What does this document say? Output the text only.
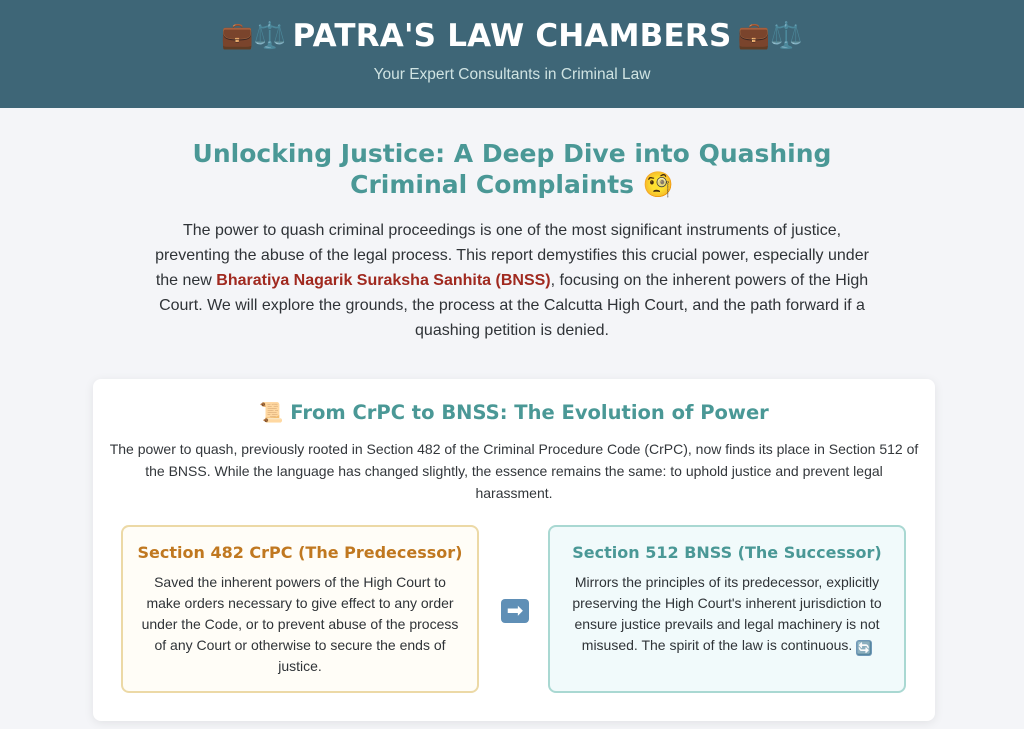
💼⚖️ PATRA'S LAW CHAMBERS 💼⚖️
Your Expert Consultants in Criminal Law
Unlocking Justice: A Deep Dive into Quashing Criminal Complaints 🧐

The power to quash criminal proceedings is one of the most significant instruments of justice, preventing the abuse of the legal process. This report demystifies this crucial power, especially under the new Bharatiya Nagarik Suraksha Sanhita (BNSS), focusing on the inherent powers of the High Court. We will explore the grounds, the process at the Calcutta High Court, and the path forward if a quashing petition is denied.

📜 From CrPC to BNSS: The Evolution of Power

The power to quash, previously rooted in Section 482 of the Criminal Procedure Code (CrPC), now finds its place in Section 512 of the BNSS. While the language has changed slightly, the essence remains the same: to uphold justice and prevent legal harassment.

Section 482 CrPC (The Predecessor)

Saved the inherent powers of the High Court to make orders necessary to give effect to any order under the Code, or to prevent abuse of the process of any Court or otherwise to secure the ends of justice.

➡
Section 512 BNSS (The Successor)

Mirrors the principles of its predecessor, explicitly preserving the High Court's inherent jurisdiction to ensure justice prevails and legal machinery is not misused. The spirit of the law is continuous. 🔄
